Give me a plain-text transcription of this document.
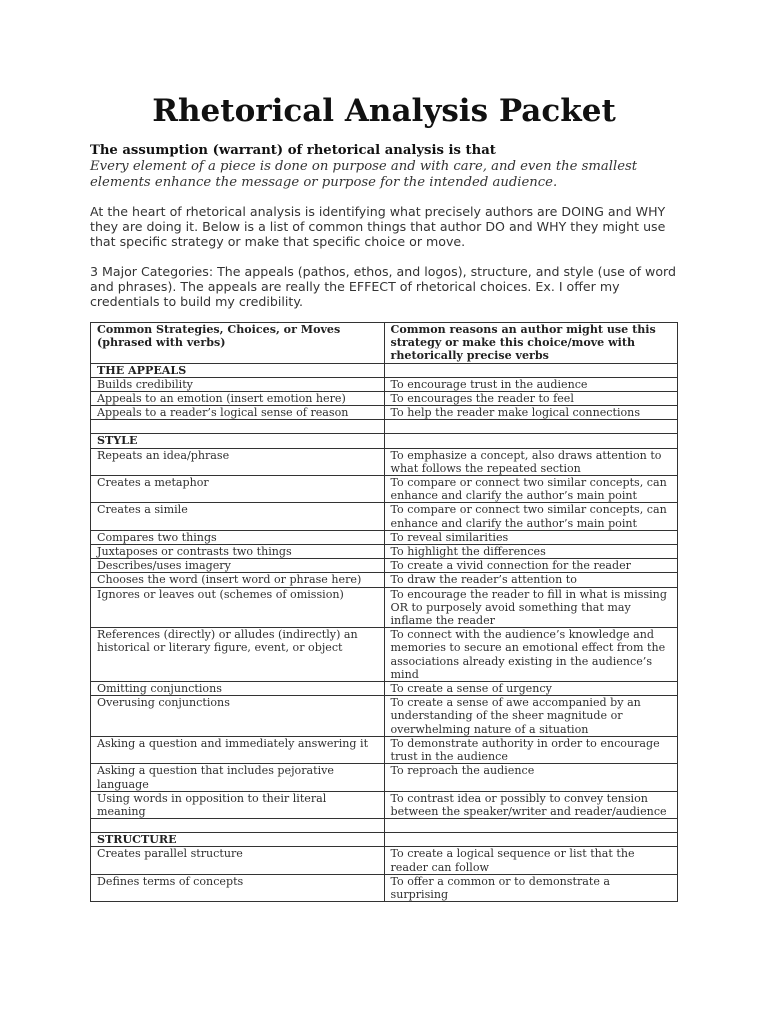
Rhetorical Analysis Packet
The assumption (warrant) of rhetorical analysis is that
Every element of a piece is done on purpose and with care, and even the smallest elements enhance the message or purpose for the intended audience.

At the heart of rhetorical analysis is identifying what precisely authors are DOING and WHY they are doing it. Below is a list of common things that author DO and WHY they might use that specific strategy or make that specific choice or move.

3 Major Categories: The appeals (pathos, ethos, and logos), structure, and style (use of word and phrases). The appeals are really the EFFECT of rhetorical choices. Ex. I offer my credentials to build my credibility.

Common Strategies, Choices, or Moves (phrased with verbs)	Common reasons an author might use this strategy or make this choice/move with rhetorically precise verbs
THE APPEALS	
Builds credibility	To encourage trust in the audience
Appeals to an emotion (insert emotion here)	To encourages the reader to feel
Appeals to a reader’s logical sense of reason	To help the reader make logical connections

STYLE	
Repeats an idea/phrase	To emphasize a concept, also draws attention to what follows the repeated section
Creates a metaphor	To compare or connect two similar concepts, can enhance and clarify the author’s main point
Creates a simile	To compare or connect two similar concepts, can enhance and clarify the author’s main point
Compares two things	To reveal similarities
Juxtaposes or contrasts two things	To highlight the differences
Describes/uses imagery	To create a vivid connection for the reader
Chooses the word (insert word or phrase here)	To draw the reader’s attention to
Ignores or leaves out (schemes of omission)	To encourage the reader to fill in what is missing OR to purposely avoid something that may inflame the reader
References (directly) or alludes (indirectly) an historical or literary figure, event, or object	To connect with the audience’s knowledge and memories to secure an emotional effect from the associations already existing in the audience’s mind
Omitting conjunctions	To create a sense of urgency
Overusing conjunctions	To create a sense of awe accompanied by an understanding of the sheer magnitude or overwhelming nature of a situation
Asking a question and immediately answering it	To demonstrate authority in order to encourage trust in the audience
Asking a question that includes pejorative language	To reproach the audience
Using words in opposition to their literal meaning	To contrast idea or possibly to convey tension between the speaker/writer and reader/audience

STRUCTURE	
Creates parallel structure	To create a logical sequence or list that the reader can follow
Defines terms of concepts	To offer a common or to demonstrate a surprising
